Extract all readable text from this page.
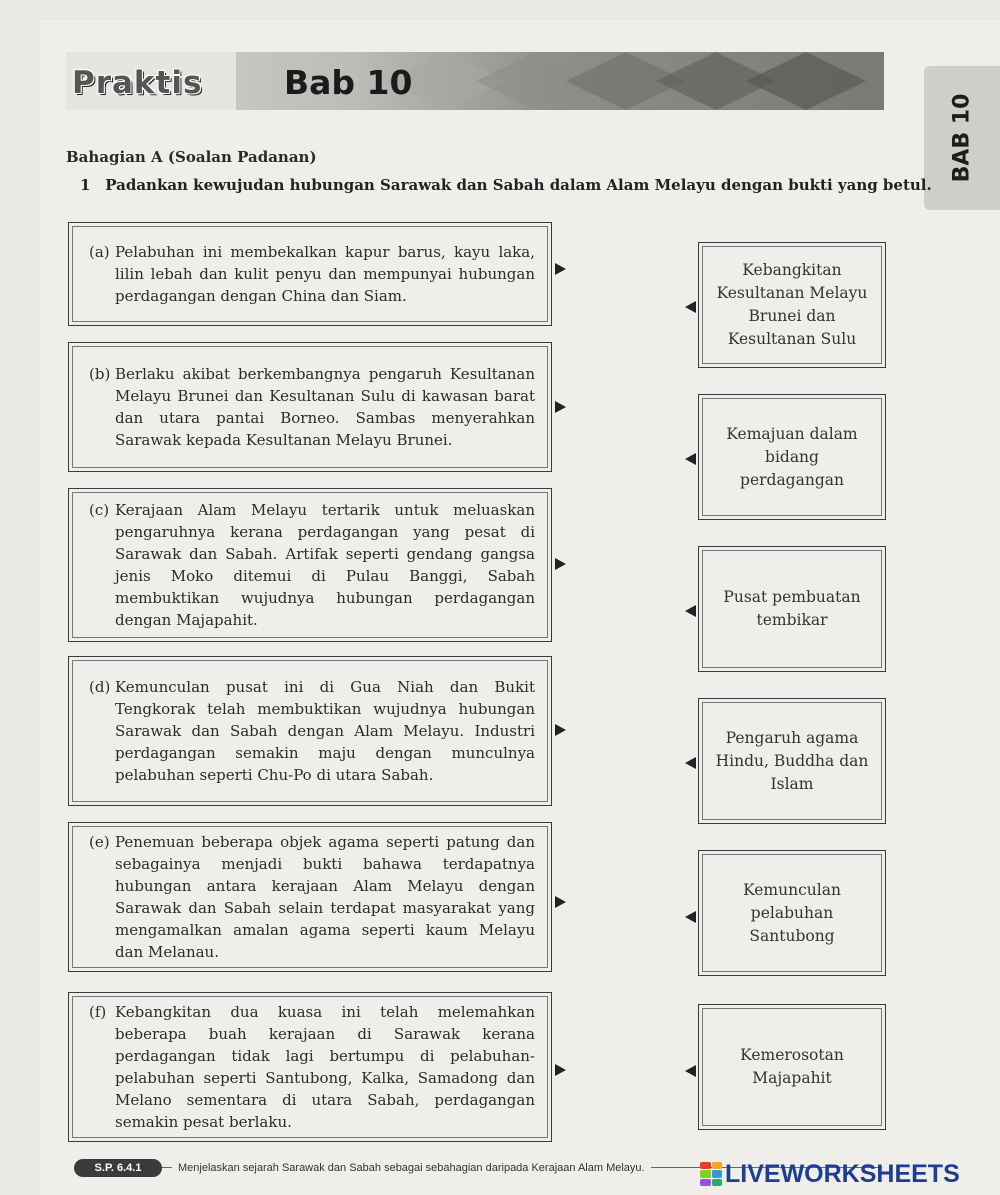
Praktis Bab 10
BAB 10
Bahagian A (Soalan Padanan)
1 Padankan kewujudan hubungan Sarawak dan Sabah dalam Alam Melayu dengan bukti yang betul.
(a) Pelabuhan ini membekalkan kapur barus, kayu laka, lilin lebah dan kulit penyu dan mempunyai hubungan perdagangan dengan China dan Siam.
(b) Berlaku akibat berkembangnya pengaruh Kesultanan Melayu Brunei dan Kesultanan Sulu di kawasan barat dan utara pantai Borneo. Sambas menyerahkan Sarawak kepada Kesultanan Melayu Brunei.
(c) Kerajaan Alam Melayu tertarik untuk meluaskan pengaruhnya kerana perdagangan yang pesat di Sarawak dan Sabah. Artifak seperti gendang gangsa jenis Moko ditemui di Pulau Banggi, Sabah membuktikan wujudnya hubungan perdagangan dengan Majapahit.
(d) Kemunculan pusat ini di Gua Niah dan Bukit Tengkorak telah membuktikan wujudnya hubungan Sarawak dan Sabah dengan Alam Melayu. Industri perdagangan semakin maju dengan munculnya pelabuhan seperti Chu-Po di utara Sabah.
(e) Penemuan beberapa objek agama seperti patung dan sebagainya menjadi bukti bahawa terdapatnya hubungan antara kerajaan Alam Melayu dengan Sarawak dan Sabah selain terdapat masyarakat yang mengamalkan amalan agama seperti kaum Melayu dan Melanau.
(f) Kebangkitan dua kuasa ini telah melemahkan beberapa buah kerajaan di Sarawak kerana perdagangan tidak lagi bertumpu di pelabuhan-pelabuhan seperti Santubong, Kalka, Samadong dan Melano sementara di utara Sabah, perdagangan semakin pesat berlaku.
Kebangkitan Kesultanan Melayu Brunei dan Kesultanan Sulu
Kemajuan dalam bidang perdagangan
Pusat pembuatan tembikar
Pengaruh agama Hindu, Buddha dan Islam
Kemunculan pelabuhan Santubong
Kemerosotan Majapahit
S.P. 6.4.1	Menjelaskan sejarah Sarawak dan Sabah sebagai sebahagian daripada Kerajaan Alam Melayu.	LIVEWORKSHEETS
